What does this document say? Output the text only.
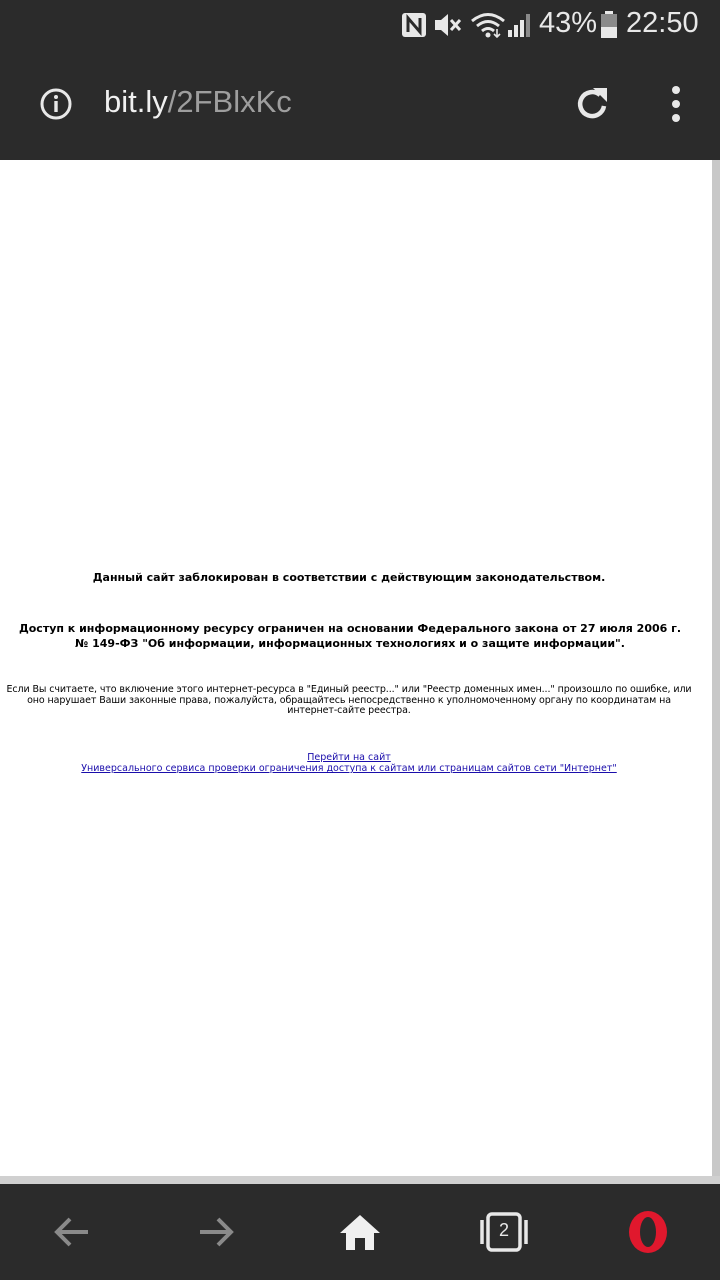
43% 22:50
bit.ly/2FBlxKc
Данный сайт заблокирован в соответствии с действующим законодательством.
Доступ к информационному ресурсу ограничен на основании Федерального закона от 27 июля 2006 г. № 149-ФЗ "Об информации, информационных технологиях и о защите информации".
Если Вы считаете, что включение этого интернет-ресурса в "Единый реестр..." или "Реестр доменных имен..." произошло по ошибке, или оно нарушает Ваши законные права, пожалуйста, обращайтесь непосредственно к уполномоченному органу по координатам на интернет-сайте реестра.
Перейти на сайт
Универсального сервиса проверки ограничения доступа к сайтам или страницам сайтов сети "Интернет"
2
